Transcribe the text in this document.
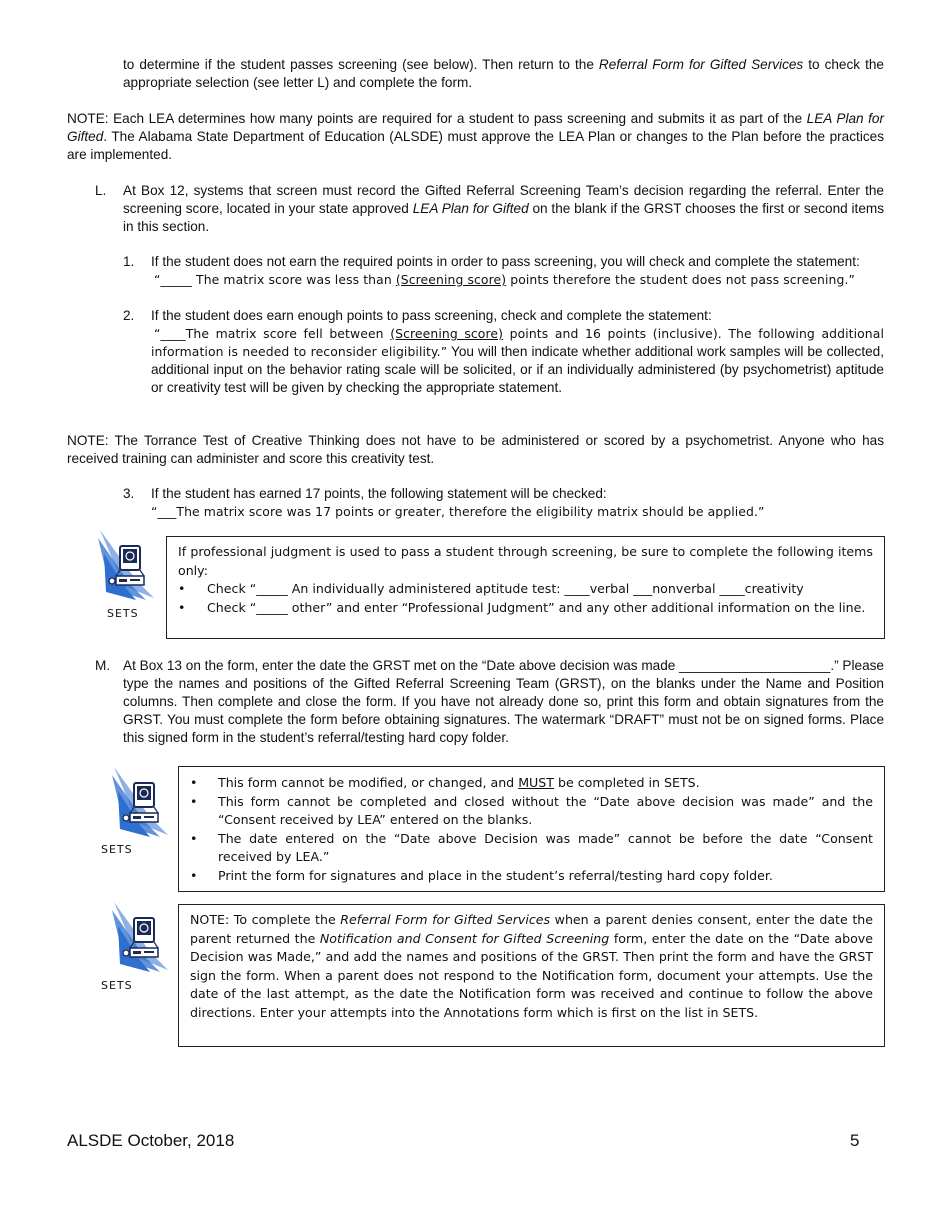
to determine if the student passes screening (see below). Then return to the Referral Form for Gifted Services to check the appropriate selection (see letter L) and complete the form.

NOTE: Each LEA determines how many points are required for a student to pass screening and submits it as part of the LEA Plan for Gifted. The Alabama State Department of Education (ALSDE) must approve the LEA Plan or changes to the Plan before the practices are implemented.

L. At Box 12, systems that screen must record the Gifted Referral Screening Team’s decision regarding the referral. Enter the screening score, located in your state approved LEA Plan for Gifted on the blank if the GRST chooses the first or second items in this section.

1. If the student does not earn the required points in order to pass screening, you will check and complete the statement:
“_____ The matrix score was less than (Screening score) points therefore the student does not pass screening.”

2. If the student does earn enough points to pass screening, check and complete the statement:
“____The matrix score fell between (Screening score) points and 16 points (inclusive). The following additional information is needed to reconsider eligibility.” You will then indicate whether additional work samples will be collected, additional input on the behavior rating scale will be solicited, or if an individually administered (by psychometrist) aptitude or creativity test will be given by checking the appropriate statement.

NOTE: The Torrance Test of Creative Thinking does not have to be administered or scored by a psychometrist. Anyone who has received training can administer and score this creativity test.

3. If the student has earned 17 points, the following statement will be checked:
“___The matrix score was 17 points or greater, therefore the eligibility matrix should be applied.”

SETS
If professional judgment is used to pass a student through screening, be sure to complete the following items only:
• Check “_____ An individually administered aptitude test: ____verbal ___nonverbal ____creativity
• Check “_____ other” and enter “Professional Judgment” and any other additional information on the line.
M. At Box 13 on the form, enter the date the GRST met on the “Date above decision was made ____________________.” Please type the names and positions of the Gifted Referral Screening Team (GRST), on the blanks under the Name and Position columns. Then complete and close the form. If you have not already done so, print this form and obtain signatures from the GRST. You must complete the form before obtaining signatures. The watermark “DRAFT” must not be on signed forms. Place this signed form in the student’s referral/testing hard copy folder.

SETS
• This form cannot be modified, or changed, and MUST be completed in SETS.
• This form cannot be completed and closed without the “Date above decision was made” and the “Consent received by LEA” entered on the blanks.
• The date entered on the “Date above Decision was made” cannot be before the date “Consent received by LEA.”
• Print the form for signatures and place in the student’s referral/testing hard copy folder.
SETS
NOTE: To complete the Referral Form for Gifted Services when a parent denies consent, enter the date the parent returned the Notification and Consent for Gifted Screening form, enter the date on the “Date above Decision was Made,” and add the names and positions of the GRST. Then print the form and have the GRST sign the form. When a parent does not respond to the Notification form, document your attempts. Use the date of the last attempt, as the date the Notification form was received and continue to follow the above directions. Enter your attempts into the Annotations form which is first on the list in SETS.
ALSDE October, 2018	5
